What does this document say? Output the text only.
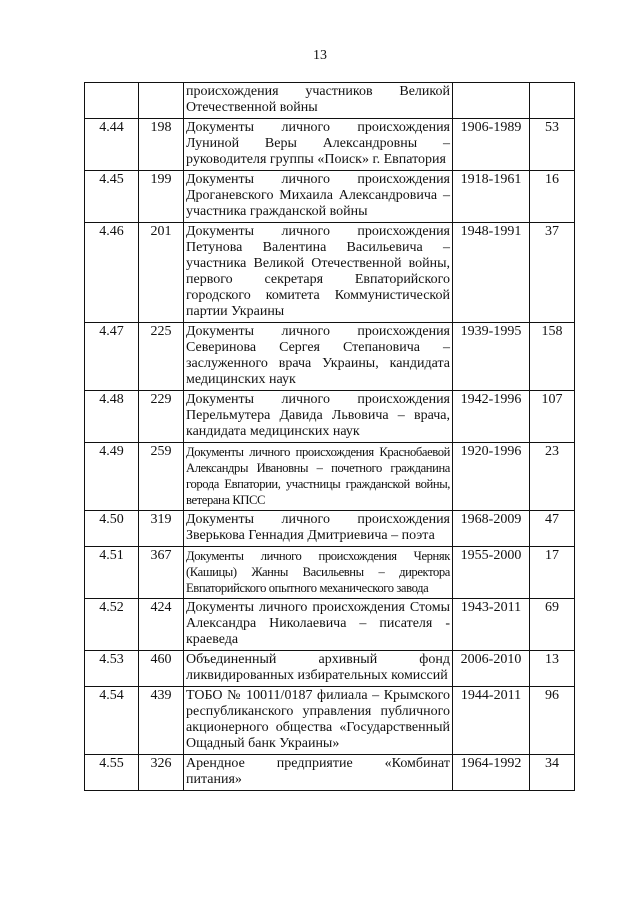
13
		происхождения участников Великой Отечественной войны		
4.44	198	Документы личного происхождения Луниной Веры Александровны – руководителя группы «Поиск» г. Евпатория	1906-1989	53
4.45	199	Документы личного происхождения Дроганевского Михаила Александровича – участника гражданской войны	1918-1961	16
4.46	201	Документы личного происхождения Петунова Валентина Васильевича – участника Великой Отечественной войны, первого секретаря Евпаторийского городского комитета Коммунистической партии Украины	1948-1991	37
4.47	225	Документы личного происхождения Северинова Сергея Степановича – заслуженного врача Украины, кандидата медицинских наук	1939-1995	158
4.48	229	Документы личного происхождения Перельмутера Давида Львовича – врача, кандидата медицинских наук	1942-1996	107
4.49	259	Документы личного происхождения Краснобаевой Александры Ивановны – почетного гражданина города Евпатории, участницы гражданской войны, ветерана КПСС	1920-1996	23
4.50	319	Документы личного происхождения Зверькова Геннадия Дмитриевича – поэта	1968-2009	47
4.51	367	Документы личного происхождения Черняк (Кашицы) Жанны Васильевны – директора Евпаторийского опытного механического завода	1955-2000	17
4.52	424	Документы личного происхождения Стомы Александра Николаевича – писателя - краеведа	1943-2011	69
4.53	460	Объединенный архивный фонд ликвидированных избирательных комиссий	2006-2010	13
4.54	439	ТОБО № 10011/0187 филиала – Крымского республиканского управления публичного акционерного общества «Государственный Ощадный банк Украины»	1944-2011	96
4.55	326	Арендное предприятие «Комбинат питания»	1964-1992	34
